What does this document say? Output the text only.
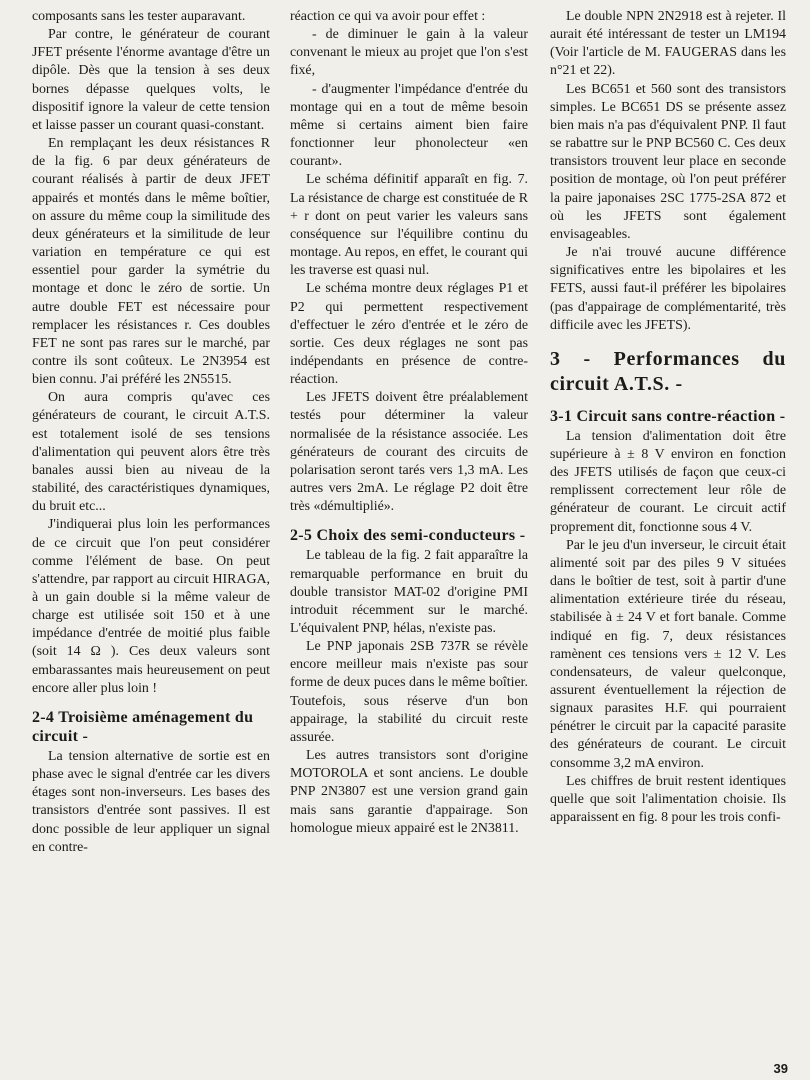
composants sans les tester auparavant.

Par contre, le générateur de courant JFET présente l'énorme avantage d'être un dipôle. Dès que la tension à ses deux bornes dépasse quelques volts, le dispositif ignore la valeur de cette tension et laisse passer un courant quasi-constant.

En remplaçant les deux résistances R de la fig. 6 par deux générateurs de courant réalisés à partir de deux JFET appairés et montés dans le même boîtier, on assure du même coup la similitude des deux générateurs et la similitude de leur variation en température ce qui est essentiel pour garder la symétrie du montage et donc le zéro de sortie. Un autre double FET est nécessaire pour remplacer les résistances r. Ces doubles FET ne sont pas rares sur le marché, par contre ils sont coûteux. Le 2N3954 est bien connu. J'ai préféré les 2N5515.

On aura compris qu'avec ces générateurs de courant, le circuit A.T.S. est totalement isolé de ses tensions d'alimentation qui peuvent alors être très banales aussi bien au niveau de la stabilité, des caractéristiques dynamiques, du bruit etc...

J'indiquerai plus loin les performances de ce circuit que l'on peut considérer comme l'élément de base. On peut s'attendre, par rapport au circuit HIRAGA, à un gain double si la même valeur de charge est utilisée soit 150 et à une impédance d'entrée de moitié plus faible (soit 14 Ω ). Ces deux valeurs sont embarassantes mais heureusement on peut encore aller plus loin !

2-4 Troisième aménagement du circuit -

La tension alternative de sortie est en phase avec le signal d'entrée car les divers étages sont non-inverseurs. Les bases des transistors d'entrée sont passives. Il est donc possible de leur appliquer un signal en contre-

réaction ce qui va avoir pour effet :

- de diminuer le gain à la valeur convenant le mieux au projet que l'on s'est fixé,

- d'augmenter l'impédance d'entrée du montage qui en a tout de même besoin même si certains aiment bien faire fonctionner leur phonolecteur «en courant».

Le schéma définitif apparaît en fig. 7. La résistance de charge est constituée de R + r dont on peut varier les valeurs sans conséquence sur l'équilibre continu du montage. Au repos, en effet, le courant qui les traverse est quasi nul.

Le schéma montre deux réglages P1 et P2 qui permettent respectivement d'effectuer le zéro d'entrée et le zéro de sortie. Ces deux réglages ne sont pas indépendants en présence de contre-réaction.

Les JFETS doivent être préalablement testés pour déterminer la valeur normalisée de la résistance associée. Les générateurs de courant des circuits de polarisation seront tarés vers 1,3 mA. Les autres vers 2mA. Le réglage P2 doit être très «démultiplié».

2-5 Choix des semi-conducteurs -

Le tableau de la fig. 2 fait apparaître la remarquable performance en bruit du double transistor MAT-02 d'origine PMI introduit récemment sur le marché. L'équivalent PNP, hélas, n'existe pas.

Le PNP japonais 2SB 737R se révèle encore meilleur mais n'existe pas sour forme de deux puces dans le même boîtier. Toutefois, sous réserve d'un bon appairage, la stabilité du circuit reste assurée.

Les autres transistors sont d'origine MOTOROLA et sont anciens. Le double PNP 2N3807 est une version grand gain mais sans garantie d'appairage. Son homologue mieux appairé est le 2N3811.

Le double NPN 2N2918 est à rejeter. Il aurait été intéressant de tester un LM194 (Voir l'article de M. FAUGERAS dans les n°21 et 22).

Les BC651 et 560 sont des transistors simples. Le BC651 DS se présente assez bien mais n'a pas d'équivalent PNP. Il faut se rabattre sur le PNP BC560 C. Ces deux transistors trouvent leur place en seconde position de montage, où l'on peut préférer la paire japonaises 2SC 1775-2SA 872 et où les JFETS sont également envisageables.

Je n'ai trouvé aucune différence significatives entre les bipolaires et les FETS, aussi faut-il préférer les bipolaires (pas d'appairage de complémentarité, très difficile avec les JFETS).

3 - Performances du circuit A.T.S. -
3-1 Circuit sans contre-réaction -

La tension d'alimentation doit être supérieure à ± 8 V environ en fonction des JFETS utilisés de façon que ceux-ci remplissent correctement leur rôle de générateur de courant. Le circuit actif proprement dit, fonctionne sous 4 V.

Par le jeu d'un inverseur, le circuit était alimenté soit par des piles 9 V situées dans le boîtier de test, soit à partir d'une alimentation extérieure tirée du réseau, stabilisée à ± 24 V et fort banale. Comme indiqué en fig. 7, deux résistances ramènent ces tensions vers ± 12 V. Les condensateurs, de valeur quelconque, assurent éventuellement la réjection de signaux parasites H.F. qui pourraient pénétrer le circuit par la capacité parasite des générateurs de courant. Le circuit consomme 3,2 mA environ.

Les chiffres de bruit restent identiques quelle que soit l'alimentation choisie. Ils apparaissent en fig. 8 pour les trois confi-

39
